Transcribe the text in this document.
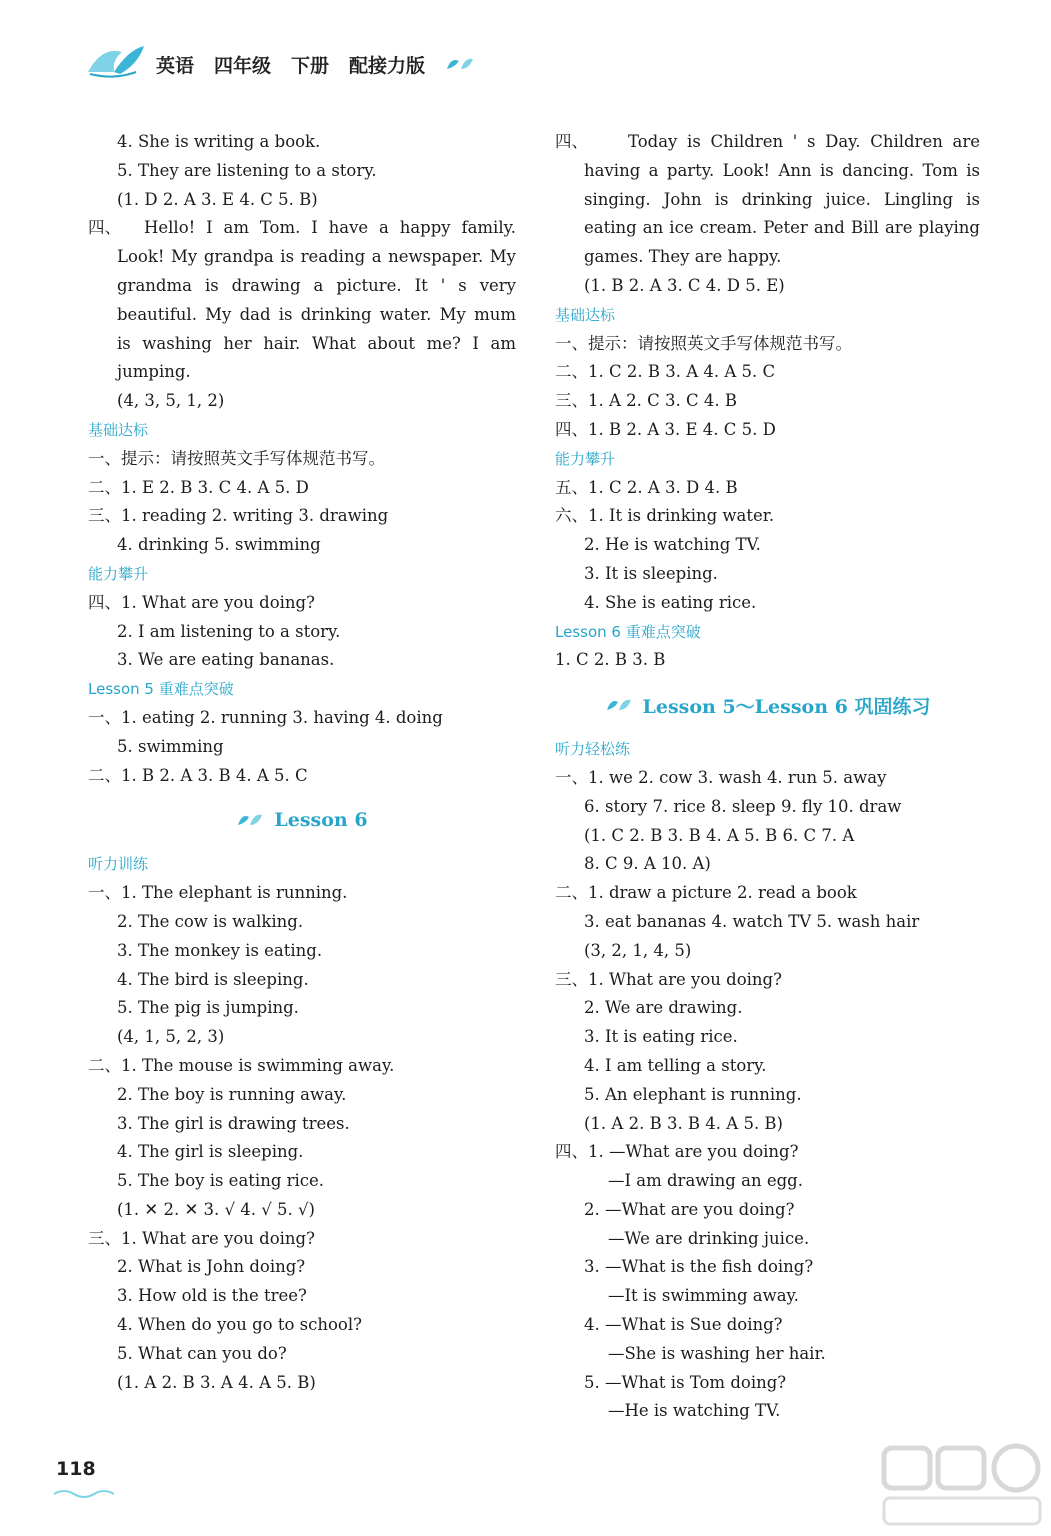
英语 四年级 下册 配接力版
4. She is writing a book.
5. They are listening to a story.
(1. D 2. A 3. E 4. C 5. B)
四、 Hello! I am Tom. I have a happy family.
Look! My grandpa is reading a newspaper. My
grandma is drawing a picture. It ' s very
beautiful. My dad is drinking water. My mum
is washing her hair. What about me? I am
jumping.
(4, 3, 5, 1, 2)
基础达标
一、提示：请按照英文手写体规范书写。
二、1. E 2. B 3. C 4. A 5. D
三、1. reading 2. writing 3. drawing
4. drinking 5. swimming
能力攀升
四、1. What are you doing?
2. I am listening to a story.
3. We are eating bananas.
Lesson 5 重难点突破
一、1. eating 2. running 3. having 4. doing
5. swimming
二、1. B 2. A 3. B 4. A 5. C
Lesson 6
听力训练
一、1. The elephant is running.
2. The cow is walking.
3. The monkey is eating.
4. The bird is sleeping.
5. The pig is jumping.
(4, 1, 5, 2, 3)
二、1. The mouse is swimming away.
2. The boy is running away.
3. The girl is drawing trees.
4. The girl is sleeping.
5. The boy is eating rice.
(1. ✕ 2. ✕ 3. √ 4. √ 5. √)
三、1. What are you doing?
2. What is John doing?
3. How old is the tree?
4. When do you go to school?
5. What can you do?
(1. A 2. B 3. A 4. A 5. B)
四、 Today is Children ' s Day. Children are
having a party. Look! Ann is dancing. Tom is
singing. John is drinking juice. Lingling is
eating an ice cream. Peter and Bill are playing
games. They are happy.
(1. B 2. A 3. C 4. D 5. E)
基础达标
一、提示：请按照英文手写体规范书写。
二、1. C 2. B 3. A 4. A 5. C
三、1. A 2. C 3. C 4. B
四、1. B 2. A 3. E 4. C 5. D
能力攀升
五、1. C 2. A 3. D 4. B
六、1. It is drinking water.
2. He is watching TV.
3. It is sleeping.
4. She is eating rice.
Lesson 6 重难点突破
1. C 2. B 3. B
Lesson 5～Lesson 6 巩固练习
听力轻松练
一、1. we 2. cow 3. wash 4. run 5. away
6. story 7. rice 8. sleep 9. fly 10. draw
(1. C 2. B 3. B 4. A 5. B 6. C 7. A
8. C 9. A 10. A)
二、1. draw a picture 2. read a book
3. eat bananas 4. watch TV 5. wash hair
(3, 2, 1, 4, 5)
三、1. What are you doing?
2. We are drawing.
3. It is eating rice.
4. I am telling a story.
5. An elephant is running.
(1. A 2. B 3. B 4. A 5. B)
四、1. —What are you doing?
—I am drawing an egg.
2. —What are you doing?
—We are drinking juice.
3. —What is the fish doing?
—It is swimming away.
4. —What is Sue doing?
—She is washing her hair.
5. —What is Tom doing?
—He is watching TV.
118
